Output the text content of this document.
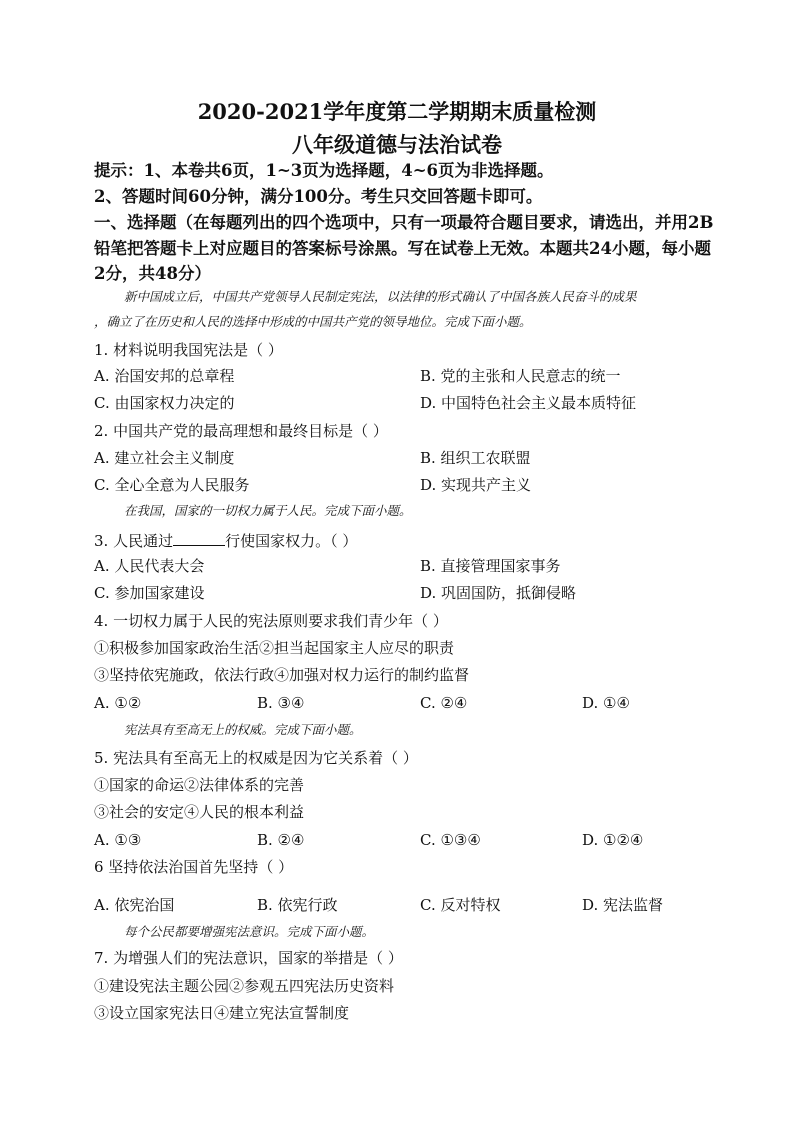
2020-2021学年度第二学期期末质量检测
八年级道德与法治试卷
提示：1、本卷共6页，1~3页为选择题，4~6页为非选择题。
2、答题时间60分钟，满分100分。考生只交回答题卡即可。
一、选择题（在每题列出的四个选项中，只有一项最符合题目要求，请选出，并用2B
铅笔把答题卡上对应题目的答案标号涂黑。写在试卷上无效。本题共24小题，每小题
2分，共48分）
新中国成立后，中国共产党领导人民制定宪法，以法律的形式确认了中国各族人民奋斗的成果
，确立了在历史和人民的选择中形成的中国共产党的领导地位。完成下面小题。
1. 材料说明我国宪法是（ ）
A. 治国安邦的总章程	B. 党的主张和人民意志的统一
C. 由国家权力决定的	D. 中国特色社会主义最本质特征
2. 中国共产党的最高理想和最终目标是（ ）
A. 建立社会主义制度	B. 组织工农联盟
C. 全心全意为人民服务	D. 实现共产主义
在我国，国家的一切权力属于人民。完成下面小题。
3. 人民通过	行使国家权力。（ ）
A. 人民代表大会	B. 直接管理国家事务
C. 参加国家建设	D. 巩固国防，抵御侵略
4. 一切权力属于人民的宪法原则要求我们青少年（ ）
①积极参加国家政治生活②担当起国家主人应尽的职责
③坚持依宪施政，依法行政④加强对权力运行的制约监督
A. ①②	B. ③④	C. ②④	D. ①④
宪法具有至高无上的权威。完成下面小题。
5. 宪法具有至高无上的权威是因为它关系着（ ）
①国家的命运②法律体系的完善
③社会的安定④人民的根本利益
A. ①③	B. ②④	C. ①③④	D. ①②④
6 坚持依法治国首先坚持（ ）
A. 依宪治国	B. 依宪行政	C. 反对特权	D. 宪法监督
每个公民都要增强宪法意识。完成下面小题。
7. 为增强人们的宪法意识，国家的举措是（ ）
①建设宪法主题公园②参观五四宪法历史资料
③设立国家宪法日④建立宪法宣誓制度
